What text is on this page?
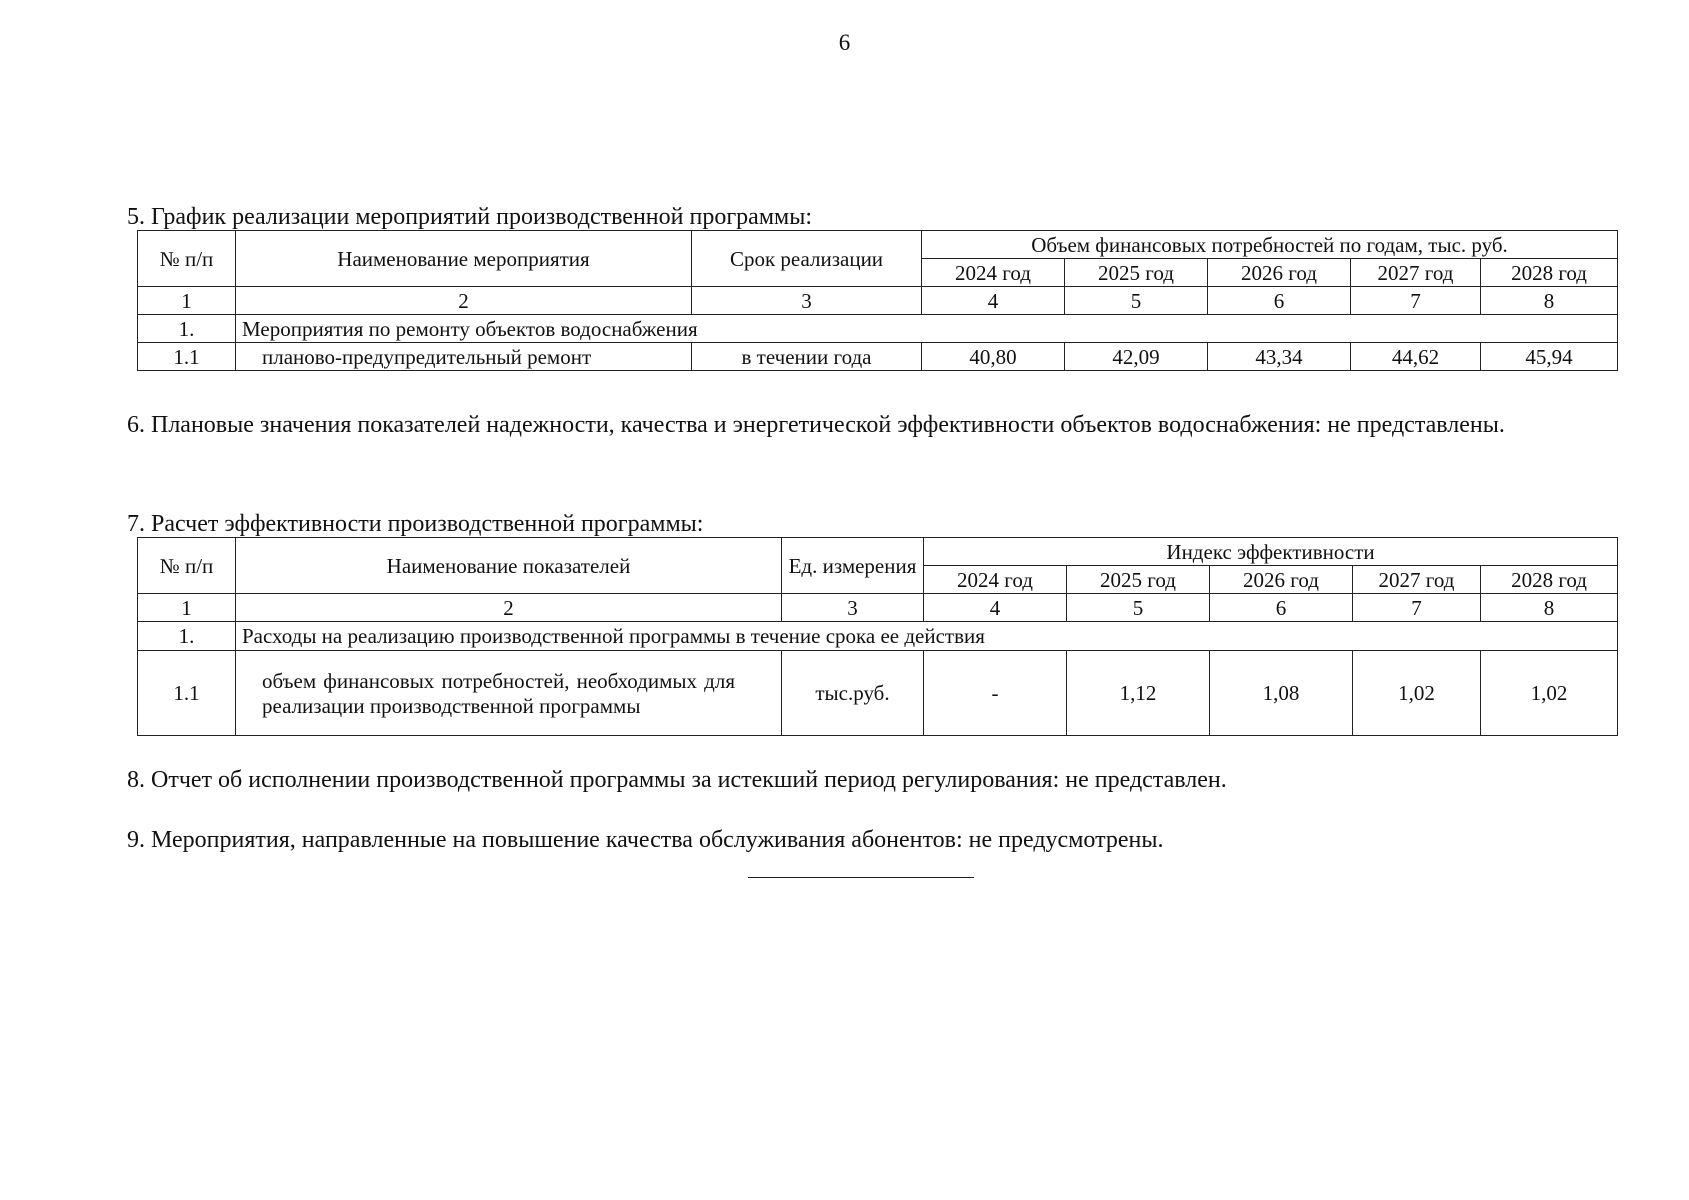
6
5. График реализации мероприятий производственной программы:
№ п/п	Наименование мероприятия	Срок реализации	Объем финансовых потребностей по годам, тыс. руб.				
			2024 год	2025 год	2026 год	2027 год	2028 год
1	2	3	4	5	6	7	8
1.	Мероприятия по ремонту объектов водоснабжения						
1.1	планово-предупредительный ремонт	в течении года	40,80	42,09	43,34	44,62	45,94
6. Плановые значения показателей надежности, качества и энергетической эффективности объектов водоснабжения: не представлены.
7. Расчет эффективности производственной программы:
№ п/п	Наименование показателей	Ед. измерения	Индекс эффективности				
			2024 год	2025 год	2026 год	2027 год	2028 год
1	2	3	4	5	6	7	8
1.	Расходы на реализацию производственной программы в течение срока ее действия						
1.1	объем финансовых потребностей, необходимых для реализации производственной программы	тыс.руб.	-	1,12	1,08	1,02	1,02
8. Отчет об исполнении производственной программы за истекший период регулирования: не представлен.
9. Мероприятия, направленные на повышение качества обслуживания абонентов: не предусмотрены.
